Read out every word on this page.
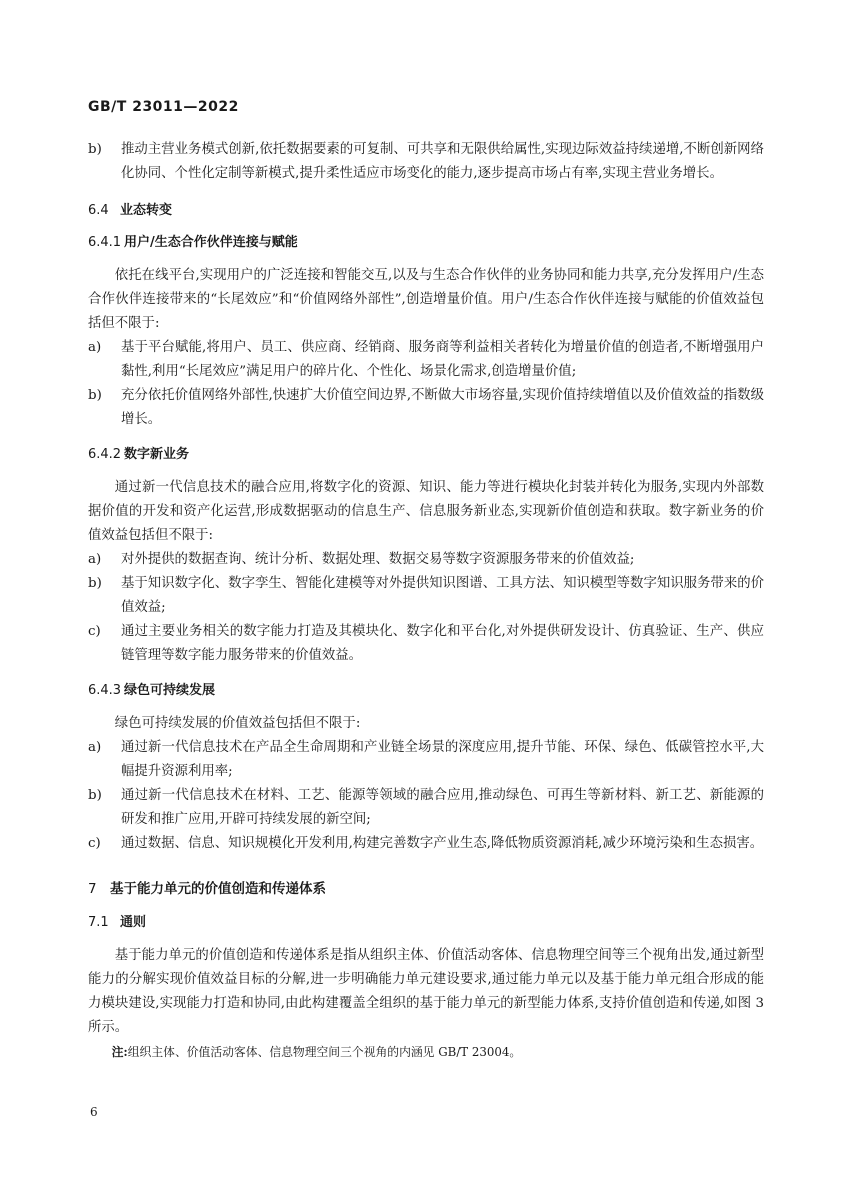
GB/T 23011—2022
b) 推动主营业务模式创新,依托数据要素的可复制、可共享和无限供给属性,实现边际效益持续递增,不断创新网络化协同、个性化定制等新模式,提升柔性适应市场变化的能力,逐步提高市场占有率,实现主营业务增长。
6.4 业态转变
6.4.1 用户/生态合作伙伴连接与赋能

依托在线平台,实现用户的广泛连接和智能交互,以及与生态合作伙伴的业务协同和能力共享,充分发挥用户/生态合作伙伴连接带来的“长尾效应”和“价值网络外部性”,创造增量价值。用户/生态合作伙伴连接与赋能的价值效益包括但不限于:

a) 基于平台赋能,将用户、员工、供应商、经销商、服务商等利益相关者转化为增量价值的创造者,不断增强用户黏性,利用“长尾效应”满足用户的碎片化、个性化、场景化需求,创造增量价值;
b) 充分依托价值网络外部性,快速扩大价值空间边界,不断做大市场容量,实现价值持续增值以及价值效益的指数级增长。
6.4.2 数字新业务

通过新一代信息技术的融合应用,将数字化的资源、知识、能力等进行模块化封装并转化为服务,实现内外部数据价值的开发和资产化运营,形成数据驱动的信息生产、信息服务新业态,实现新价值创造和获取。数字新业务的价值效益包括但不限于:

a) 对外提供的数据查询、统计分析、数据处理、数据交易等数字资源服务带来的价值效益;
b) 基于知识数字化、数字孪生、智能化建模等对外提供知识图谱、工具方法、知识模型等数字知识服务带来的价值效益;
c) 通过主要业务相关的数字能力打造及其模块化、数字化和平台化,对外提供研发设计、仿真验证、生产、供应链管理等数字能力服务带来的价值效益。
6.4.3 绿色可持续发展

绿色可持续发展的价值效益包括但不限于:

a) 通过新一代信息技术在产品全生命周期和产业链全场景的深度应用,提升节能、环保、绿色、低碳管控水平,大幅提升资源利用率;
b) 通过新一代信息技术在材料、工艺、能源等领域的融合应用,推动绿色、可再生等新材料、新工艺、新能源的研发和推广应用,开辟可持续发展的新空间;
c) 通过数据、信息、知识规模化开发利用,构建完善数字产业生态,降低物质资源消耗,减少环境污染和生态损害。
7 基于能力单元的价值创造和传递体系
7.1 通则

基于能力单元的价值创造和传递体系是指从组织主体、价值活动客体、信息物理空间等三个视角出发,通过新型能力的分解实现价值效益目标的分解,进一步明确能力单元建设要求,通过能力单元以及基于能力单元组合形成的能力模块建设,实现能力打造和协同,由此构建覆盖全组织的基于能力单元的新型能力体系,支持价值创造和传递,如图 3 所示。

注:组织主体、价值活动客体、信息物理空间三个视角的内涵见 GB/T 23004。

6
